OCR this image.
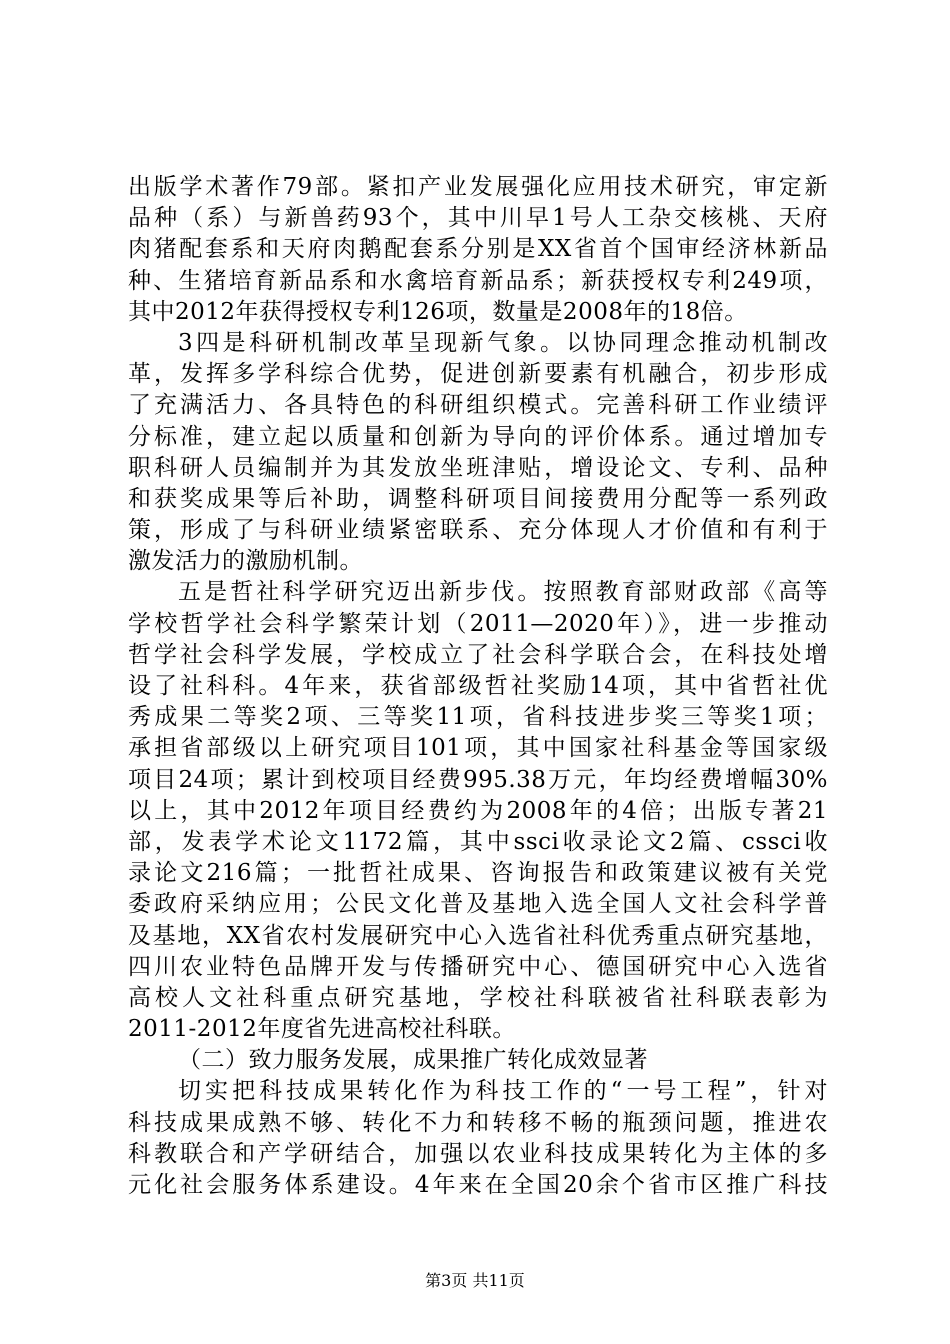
出版学术著作79部。紧扣产业发展强化应用技术研究，审定新
品种（系）与新兽药93个，其中川早1号人工杂交核桃、天府
肉猪配套系和天府肉鹅配套系分别是XX省首个国审经济林新品
种、生猪培育新品系和水禽培育新品系；新获授权专利249项，
其中2012年获得授权专利126项，数量是2008年的18倍。
3四是科研机制改革呈现新气象。以协同理念推动机制改
革，发挥多学科综合优势，促进创新要素有机融合，初步形成
了充满活力、各具特色的科研组织模式。完善科研工作业绩评
分标准，建立起以质量和创新为导向的评价体系。通过增加专
职科研人员编制并为其发放坐班津贴，增设论文、专利、品种
和获奖成果等后补助，调整科研项目间接费用分配等一系列政
策，形成了与科研业绩紧密联系、充分体现人才价值和有利于
激发活力的激励机制。
五是哲社科学研究迈出新步伐。按照教育部财政部《高等
学校哲学社会科学繁荣计划（2011—2020年）》，进一步推动
哲学社会科学发展，学校成立了社会科学联合会，在科技处增
设了社科科。4年来，获省部级哲社奖励14项，其中省哲社优
秀成果二等奖2项、三等奖11项，省科技进步奖三等奖1项；
承担省部级以上研究项目101项，其中国家社科基金等国家级
项目24项；累计到校项目经费995.38万元，年均经费增幅30%
以上，其中2012年项目经费约为2008年的4倍；出版专著21
部，发表学术论文1172篇，其中ssci收录论文2篇、cssci收
录论文216篇；一批哲社成果、咨询报告和政策建议被有关党
委政府采纳应用；公民文化普及基地入选全国人文社会科学普
及基地，XX省农村发展研究中心入选省社科优秀重点研究基地，
四川农业特色品牌开发与传播研究中心、德国研究中心入选省
高校人文社科重点研究基地，学校社科联被省社科联表彰为
2011-2012年度省先进高校社科联。
（二）致力服务发展，成果推广转化成效显著
切实把科技成果转化作为科技工作的“一号工程”，针对
科技成果成熟不够、转化不力和转移不畅的瓶颈问题，推进农
科教联合和产学研结合，加强以农业科技成果转化为主体的多
元化社会服务体系建设。4年来在全国20余个省市区推广科技
第3页 共11页
